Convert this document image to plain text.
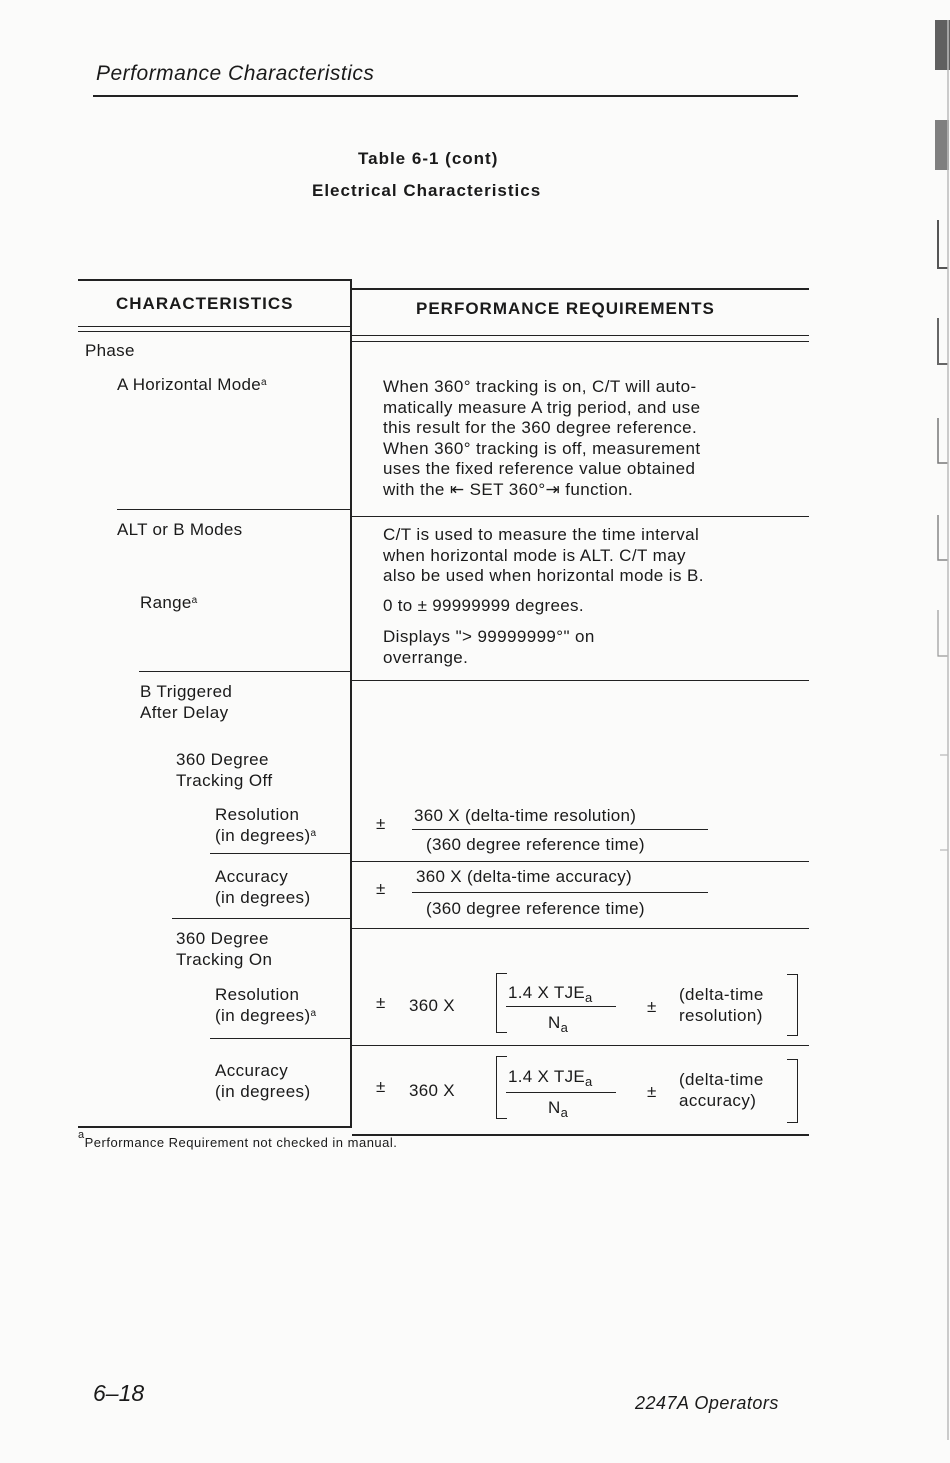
Performance Characteristics
Table 6-1 (cont)
Electrical Characteristics
CHARACTERISTICS	PERFORMANCE REQUIREMENTS
Phase
A Horizontal Mode$^a$	When 360° tracking is on, C/T will auto-
matically measure A trig period, and use
this result for the 360 degree reference.
When 360° tracking is off, measurement
uses the fixed reference value obtained
with the ⇤ SET 360°⇥ function.
ALT or B Modes	C/T is used to measure the time interval
when horizontal mode is ALT. C/T may
also be used when horizontal mode is B.
Range$^a$	0 to ± 99999999 degrees.
Displays "> 99999999°" on
overrange.
B Triggered
After Delay
360 Degree
Tracking Off
Resolution
(in degrees)$^a$	± 360 X (delta-time resolution)
(360 degree reference time)
Accuracy
(in degrees)	±
360 X (delta-time accuracy)
(360 degree reference time)
360 Degree
Tracking On
Resolution
(in degrees)$^a$
± 360 X
1.4 X $TJE_a$
$N_a$
±
(delta-time
resolution)
Accuracy
(in degrees)	± 360 X
1.4 X $TJE_a$
$N_a$
±
(delta-time
accuracy)
$^a$Performance Requirement not checked in manual.
6–18	2247A Operators
